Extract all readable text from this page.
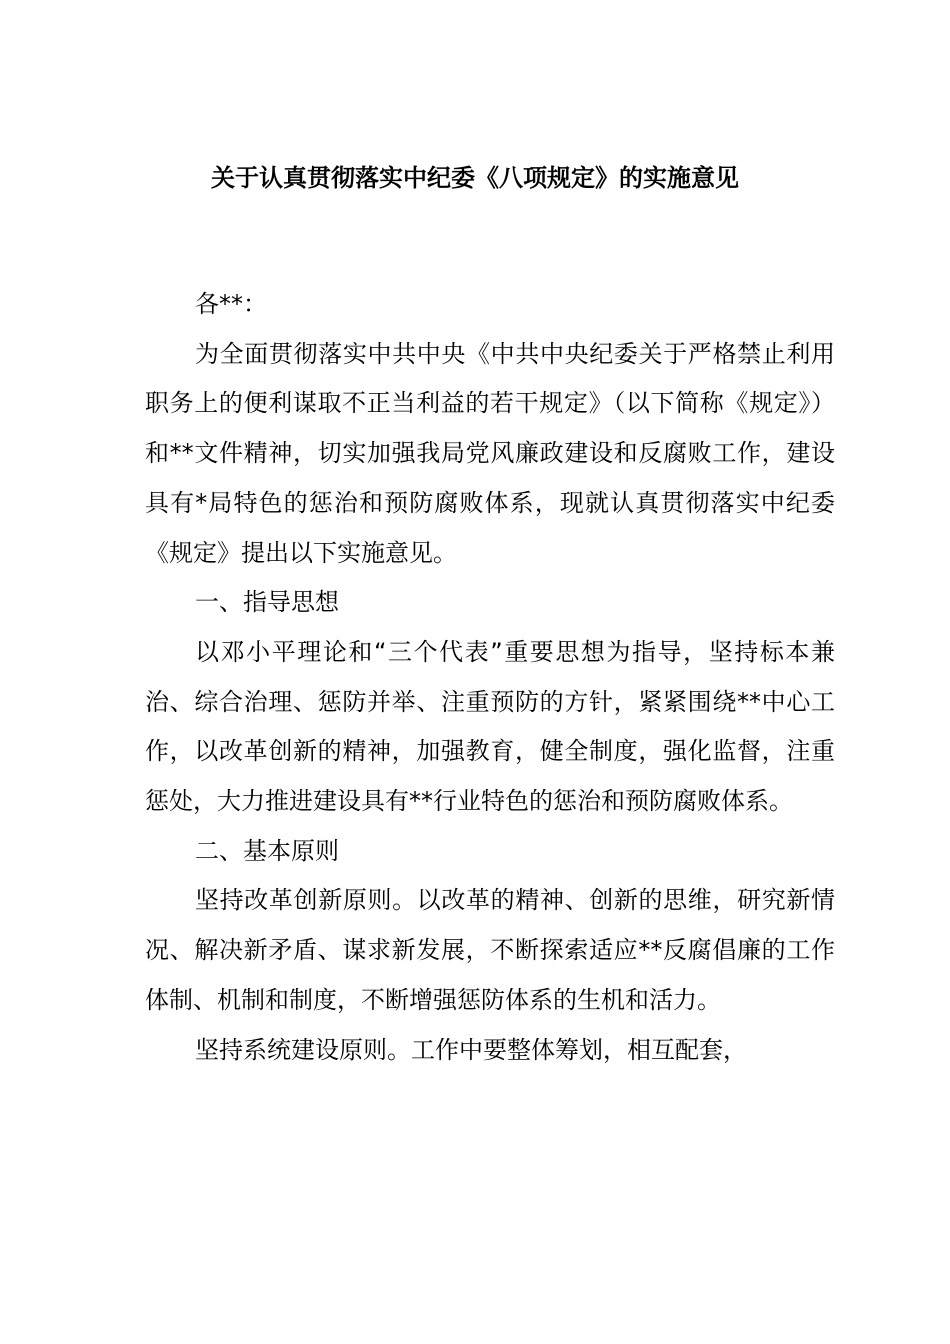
关于认真贯彻落实中纪委《八项规定》的实施意见

各**：

为全面贯彻落实中共中央《中共中央纪委关于严格禁止利用职务上的便利谋取不正当利益的若干规定》（以下简称《规定》）和**文件精神，切实加强我局党风廉政建设和反腐败工作，建设具有*局特色的惩治和预防腐败体系，现就认真贯彻落实中纪委《规定》提出以下实施意见。

一、指导思想

以邓小平理论和“三个代表”重要思想为指导，坚持标本兼治、综合治理、惩防并举、注重预防的方针，紧紧围绕**中心工作，以改革创新的精神，加强教育，健全制度，强化监督，注重惩处，大力推进建设具有**行业特色的惩治和预防腐败体系。

二、基本原则

坚持改革创新原则。以改革的精神、创新的思维，研究新情况、解决新矛盾、谋求新发展，不断探索适应**反腐倡廉的工作体制、机制和制度，不断增强惩防体系的生机和活力。

坚持系统建设原则。工作中要整体筹划，相互配套，
